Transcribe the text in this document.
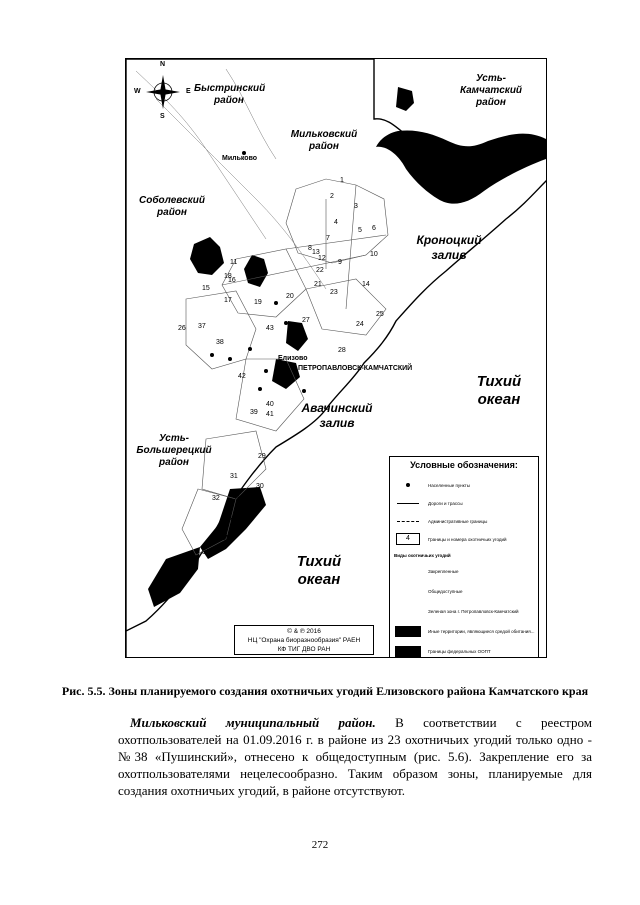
N
S
W	E Быстринский
район
Усть-
Камчатский
район
Мильковский
район
Соболевский
район
Усть-
Большерецкий
район
Кроноцкий
залив
Авачинский
залив
Тихий
океан
Тихий
океан
Мильково
Елизово
ПЕТРОПАВЛОВСК-КАМЧАТСКИЙ
1
2
3
4
5 6
7
8
9
10
11
12
13
14
15
16
17
18
19
20
21
22
23
24
25
26
27
28
29
30
31
32 33
34
35
36
37
38
39
40
41
42
43
Условные обозначения:
Населенные пункты
Дороги и трассы
Административные границы
4	Границы и номера охотничьих угодий
Виды охотничьих угодий
Закрепленные
Общедоступные
Зеленая зона г. Петропавловск-Камчатский
Иные территории, являющиеся средой обитания...
Границы федеральных ООПТ
© & ℗ 2016
НЦ "Охрана биоразнообразия" РАЕН
КФ ТИГ ДВО РАН
Рис. 5.5. Зоны планируемого создания охотничьих угодий Елизовского района Камчатского края
Мильковский муниципальный район. В соответствии с реестром
охотпользователей на 01.09.2016 г. в районе из 23 охотничьих угодий только одно - №38 «Пушинский», отнесено к общедоступным (рис. 5.6). Закрепление его за охотпользователями нецелесообразно. Таким образом зоны, планируемые для создания охотничьих угодий, в районе отсутствуют.
272
